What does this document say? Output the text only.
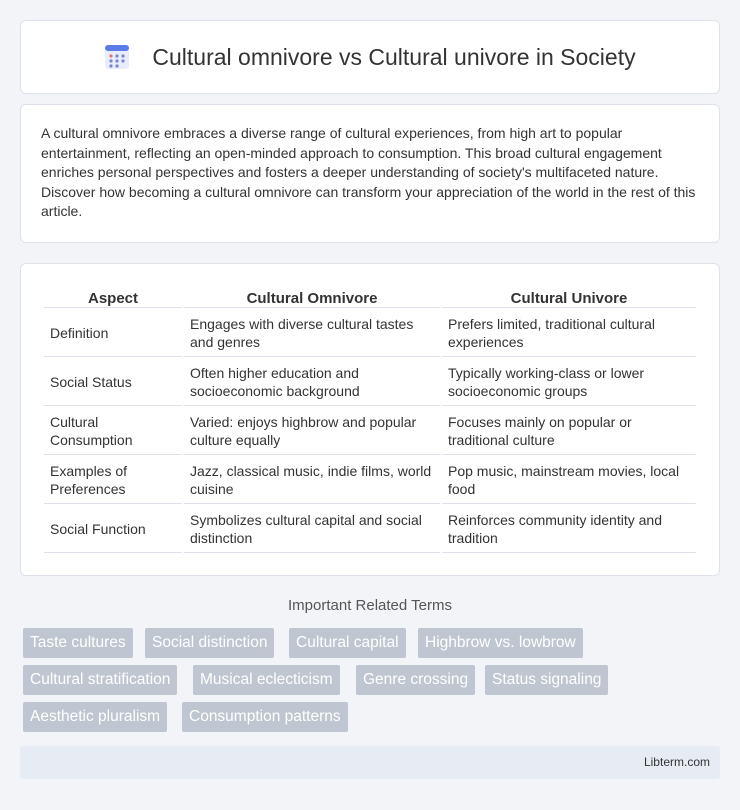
Cultural omnivore vs Cultural univore in Society

A cultural omnivore embraces a diverse range of cultural experiences, from high art to popular entertainment, reflecting an open-minded approach to consumption. This broad cultural engagement enriches personal perspectives and fosters a deeper understanding of society's multifaceted nature. Discover how becoming a cultural omnivore can transform your appreciation of the world in the rest of this article.

Aspect	Cultural Omnivore	Cultural Univore
Definition	Engages with diverse cultural tastes and genres	Prefers limited, traditional cultural experiences
Social Status	Often higher education and socioeconomic background	Typically working-class or lower socioeconomic groups
Cultural Consumption	Varied: enjoys highbrow and popular culture equally	Focuses mainly on popular or traditional culture
Examples of Preferences	Jazz, classical music, indie films, world cuisine	Pop music, mainstream movies, local food
Social Function	Symbolizes cultural capital and social distinction	Reinforces community identity and tradition
Important Related Terms
Taste cultures	Social distinction	Cultural capital	Highbrow vs. lowbrow
Cultural stratification	Musical eclecticism	Genre crossing	Status signaling
Aesthetic pluralism	Consumption patterns
Libterm.com
